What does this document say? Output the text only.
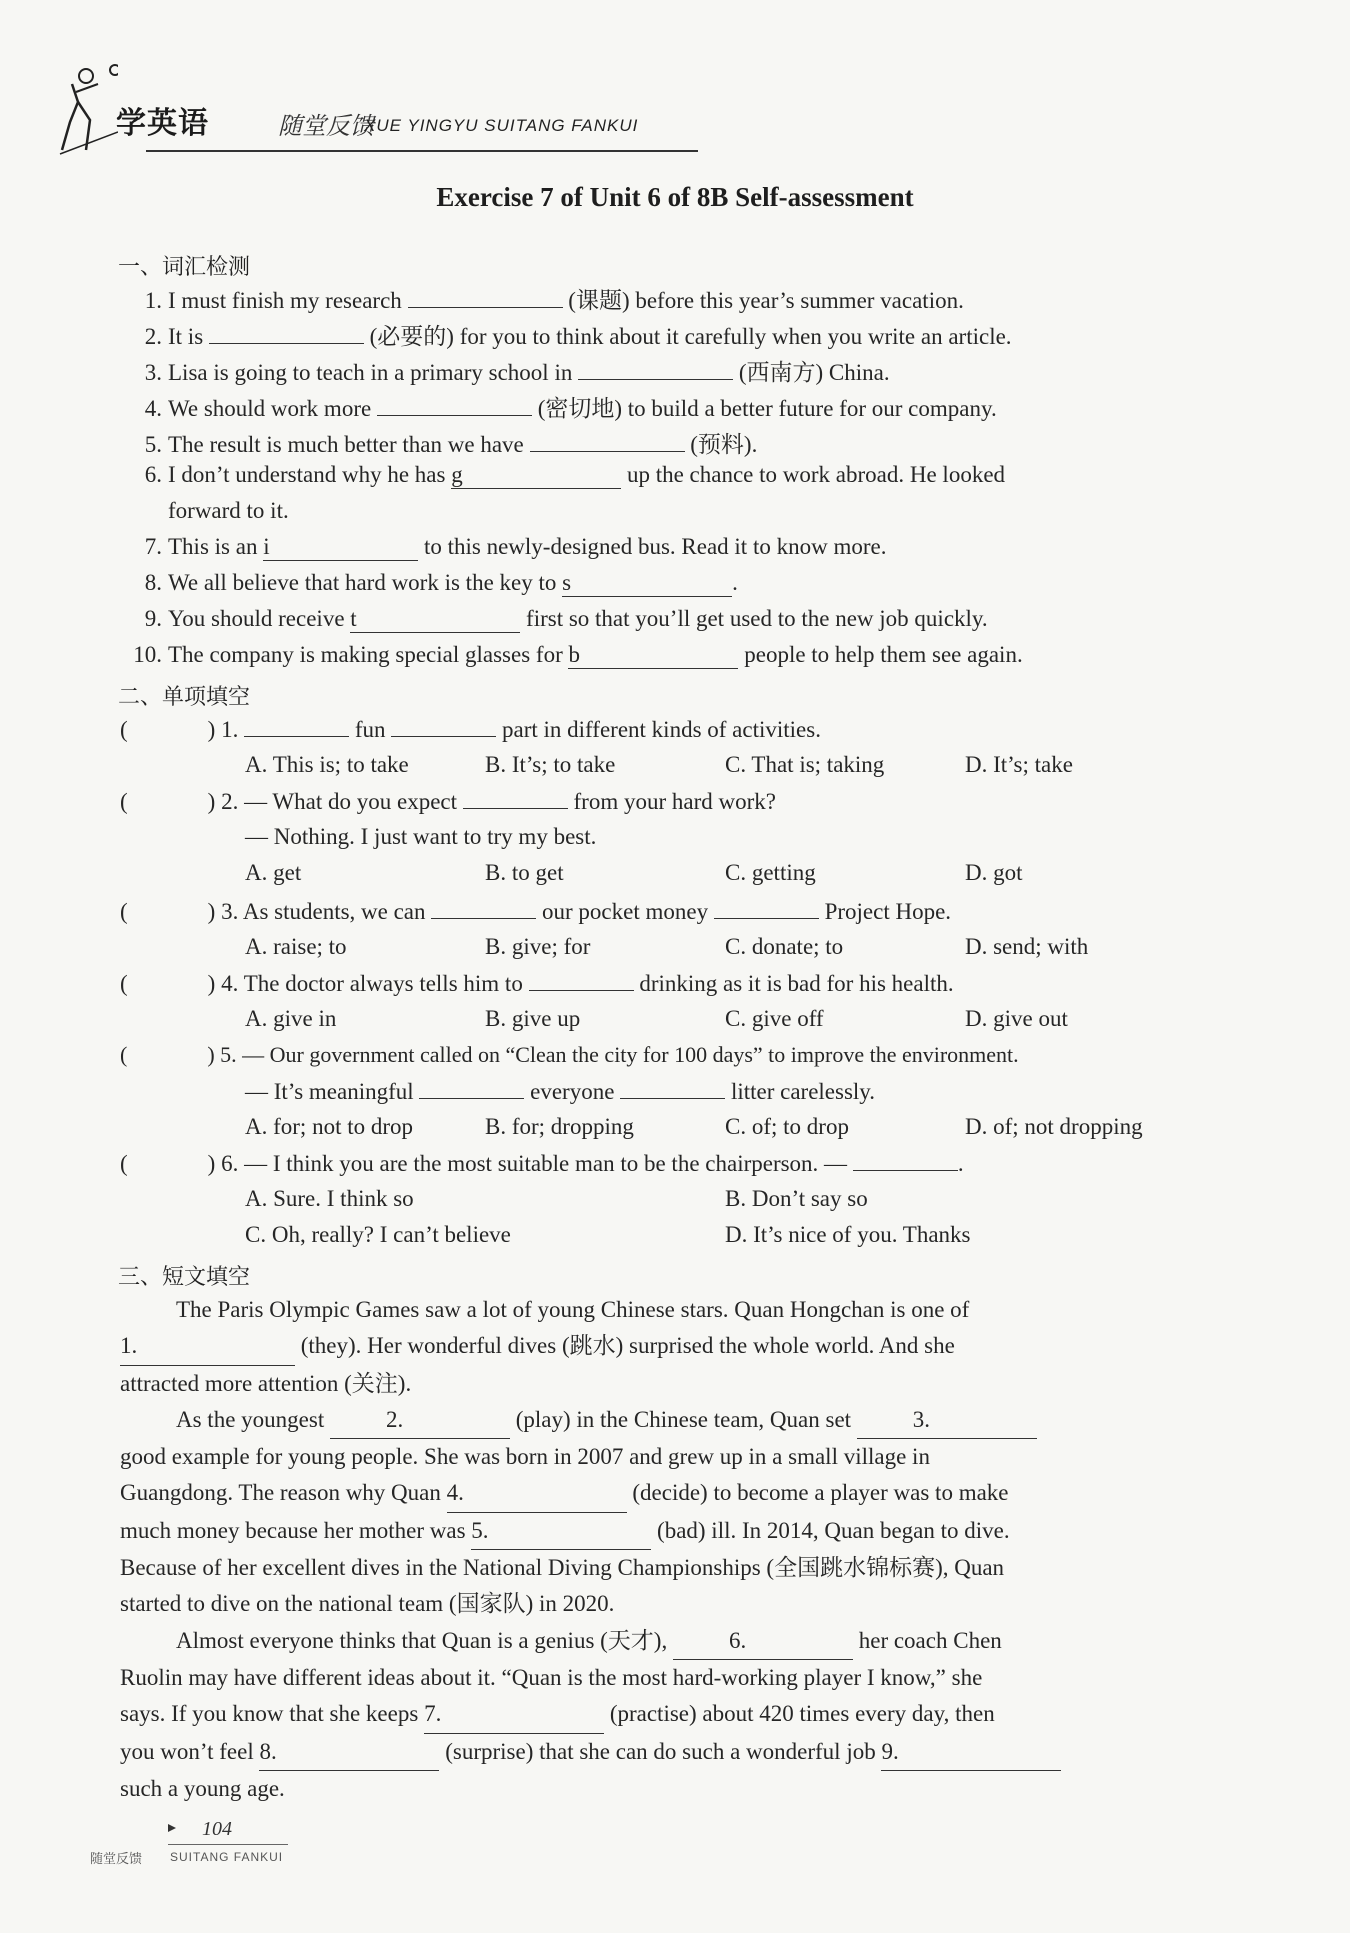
学英语	随堂反馈
XUE YINGYU SUITANG FANKUI
Exercise 7 of Unit 6 of 8B Self-assessment
一、词汇检测
1. I must finish my research	(课题) before this year’s summer vacation.
2. It is	(必要的) for you to think about it carefully when you write an article.
3. Lisa is going to teach in a primary school in	(西南方) China.
4. We should work more	(密切地) to build a better future for our company.
5. The result is much better than we have	(预料).
6. I don’t understand why he has g	up the chance to work abroad. He looked
forward to it.
7. This is an i	to this newly-designed bus. Read it to know more.
8. We all believe that hard work is the key to s	.
9. You should receive t	first so that you’ll get used to the new job quickly.
10. The company is making special glasses for b	people to help them see again.
二、单项填空
(	) 1.	fun	part in different kinds of activities.
A. This is; to take	B. It’s; to take	C. That is; taking	D. It’s; take
(	) 2. — What do you expect	from your hard work?
— Nothing. I just want to try my best.
A. get	B. to get	C. getting	D. got
(	) 3. As students, we can	our pocket money	Project Hope.
A. raise; to	B. give; for	C. donate; to	D. send; with
(	) 4. The doctor always tells him to	drinking as it is bad for his health.
A. give in	B. give up	C. give off	D. give out
(	) 5. — Our government called on “Clean the city for 100 days” to improve the environment.
— It’s meaningful	everyone	litter carelessly.
A. for; not to drop	B. for; dropping	C. of; to drop	D. of; not dropping
(	) 6. — I think you are the most suitable man to be the chairperson. —	.
A. Sure. I think so	B. Don’t say so
C. Oh, really? I can’t believe	D. It’s nice of you. Thanks
三、短文填空
The Paris Olympic Games saw a lot of young Chinese stars. Quan Hongchan is one of
1.	(they). Her wonderful dives (跳水) surprised the whole world. And she
attracted more attention (关注).
As the youngest	2.	(play) in the Chinese team, Quan set	3.
good example for young people. She was born in 2007 and grew up in a small village in
Guangdong. The reason why Quan 4.	(decide) to become a player was to make
much money because her mother was 5.	(bad) ill. In 2014, Quan began to dive.
Because of her excellent dives in the National Diving Championships (全国跳水锦标赛), Quan
started to dive on the national team (国家队) in 2020.
Almost everyone thinks that Quan is a genius (天才),	6.	her coach Chen
Ruolin may have different ideas about it. “Quan is the most hard-working player I know,” she
says. If you know that she keeps 7.	(practise) about 420 times every day, then
you won’t feel 8.	(surprise) that she can do such a wonderful job 9.
such a young age.
104
随堂反馈 SUITANG FANKUI
